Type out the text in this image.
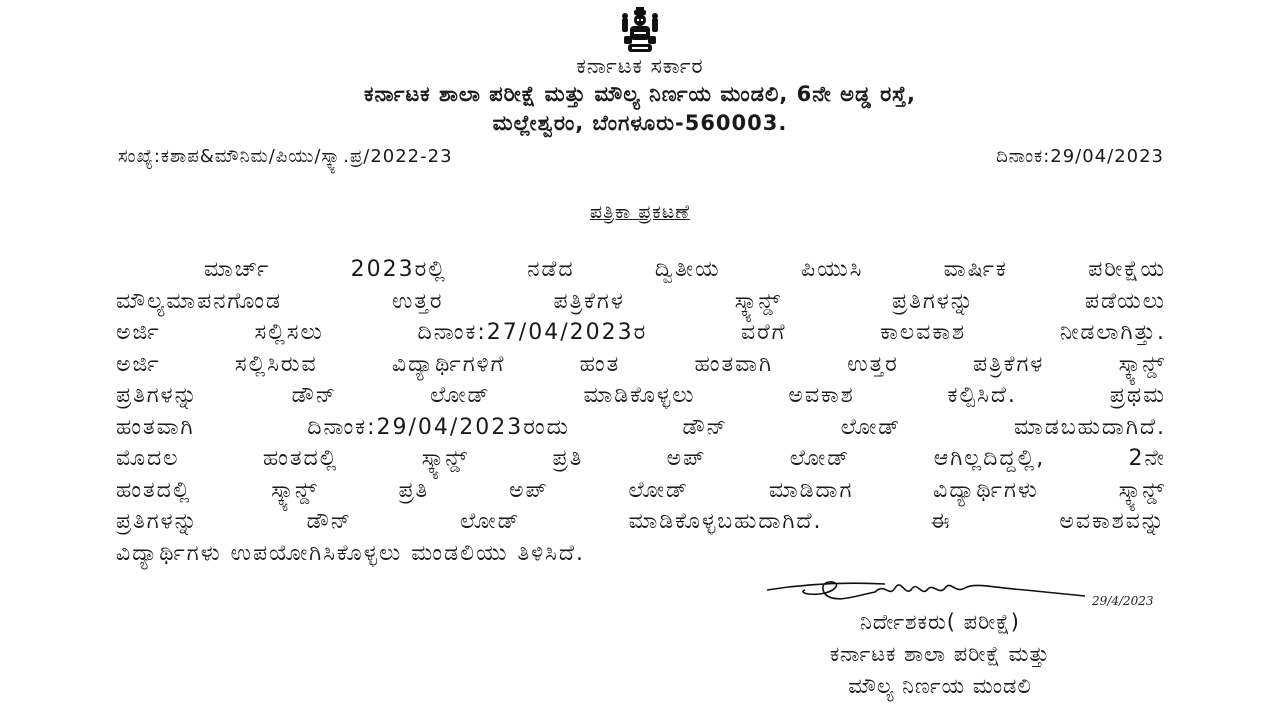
ಕರ್ನಾಟಕ ಸರ್ಕಾರ
ಕರ್ನಾಟಕ ಶಾಲಾ ಪರೀಕ್ಷೆ ಮತ್ತು ಮೌಲ್ಯ ನಿರ್ಣಯ ಮಂಡಲಿ, 6ನೇ ಅಡ್ಡ ರಸ್ತೆ,
ಮಲ್ಲೇಶ್ವರಂ, ಬೆಂಗಳೂರು-560003.
ಸಂಖ್ಯೆ:ಕಶಾಪ&ಮೌನಿಮ/ಪಿಯು/ಸ್ಕ್ಯಾ.ಪ್ರ/2022-23	ದಿನಾಂಕ:29/04/2023
ಪತ್ರಿಕಾ ಪ್ರಕಟಣೆ
ಮಾರ್ಚ್ 2023ರಲ್ಲಿ ನಡೆದ ದ್ವಿತೀಯ ಪಿಯುಸಿ ವಾರ್ಷಿಕ ಪರೀಕ್ಷೆಯ
ಮೌಲ್ಯಮಾಪನಗೊಂಡ ಉತ್ತರ ಪತ್ರಿಕೆಗಳ ಸ್ಕ್ಯಾನ್ಡ್ ಪ್ರತಿಗಳನ್ನು ಪಡೆಯಲು
ಅರ್ಜಿ ಸಲ್ಲಿಸಲು ದಿನಾಂಕ:27/04/2023ರ ವರೆಗೆ ಕಾಲವಕಾಶ ನೀಡಲಾಗಿತ್ತು.
ಅರ್ಜಿ ಸಲ್ಲಿಸಿರುವ ವಿದ್ಯಾರ್ಥಿಗಳಿಗೆ ಹಂತ ಹಂತವಾಗಿ ಉತ್ತರ ಪತ್ರಿಕೆಗಳ ಸ್ಕ್ಯಾನ್ಡ್
ಪ್ರತಿಗಳನ್ನು ಡೌನ್ ಲೋಡ್ ಮಾಡಿಕೊಳ್ಳಲು ಅವಕಾಶ ಕಲ್ಪಿಸಿದೆ. ಪ್ರಥಮ
ಹಂತವಾಗಿ ದಿನಾಂಕ:29/04/2023ರಂದು ಡೌನ್ ಲೋಡ್ ಮಾಡಬಹುದಾಗಿದೆ.
ಮೊದಲ ಹಂತದಲ್ಲಿ ಸ್ಕ್ಯಾನ್ಡ್ ಪ್ರತಿ ಅಪ್ ಲೋಡ್ ಆಗಿಲ್ಲದಿದ್ದಲ್ಲಿ, 2ನೇ
ಹಂತದಲ್ಲಿ ಸ್ಕ್ಯಾನ್ಡ್ ಪ್ರತಿ ಅಪ್ ಲೋಡ್ ಮಾಡಿದಾಗ ವಿದ್ಯಾರ್ಥಿಗಳು ಸ್ಕ್ಯಾನ್ಡ್
ಪ್ರತಿಗಳನ್ನು ಡೌನ್ ಲೋಡ್ ಮಾಡಿಕೊಳ್ಳಬಹುದಾಗಿದೆ. ಈ ಅವಕಾಶವನ್ನು
ವಿದ್ಯಾರ್ಥಿಗಳು ಉಪಯೋಗಿಸಿಕೊಳ್ಳಲು ಮಂಡಲಿಯು ತಿಳಿಸಿದೆ.
29/4/2023
ನಿರ್ದೇಶಕರು( ಪರೀಕ್ಷೆ)
ಕರ್ನಾಟಕ ಶಾಲಾ ಪರೀಕ್ಷೆ ಮತ್ತು
ಮೌಲ್ಯ ನಿರ್ಣಯ ಮಂಡಲಿ
